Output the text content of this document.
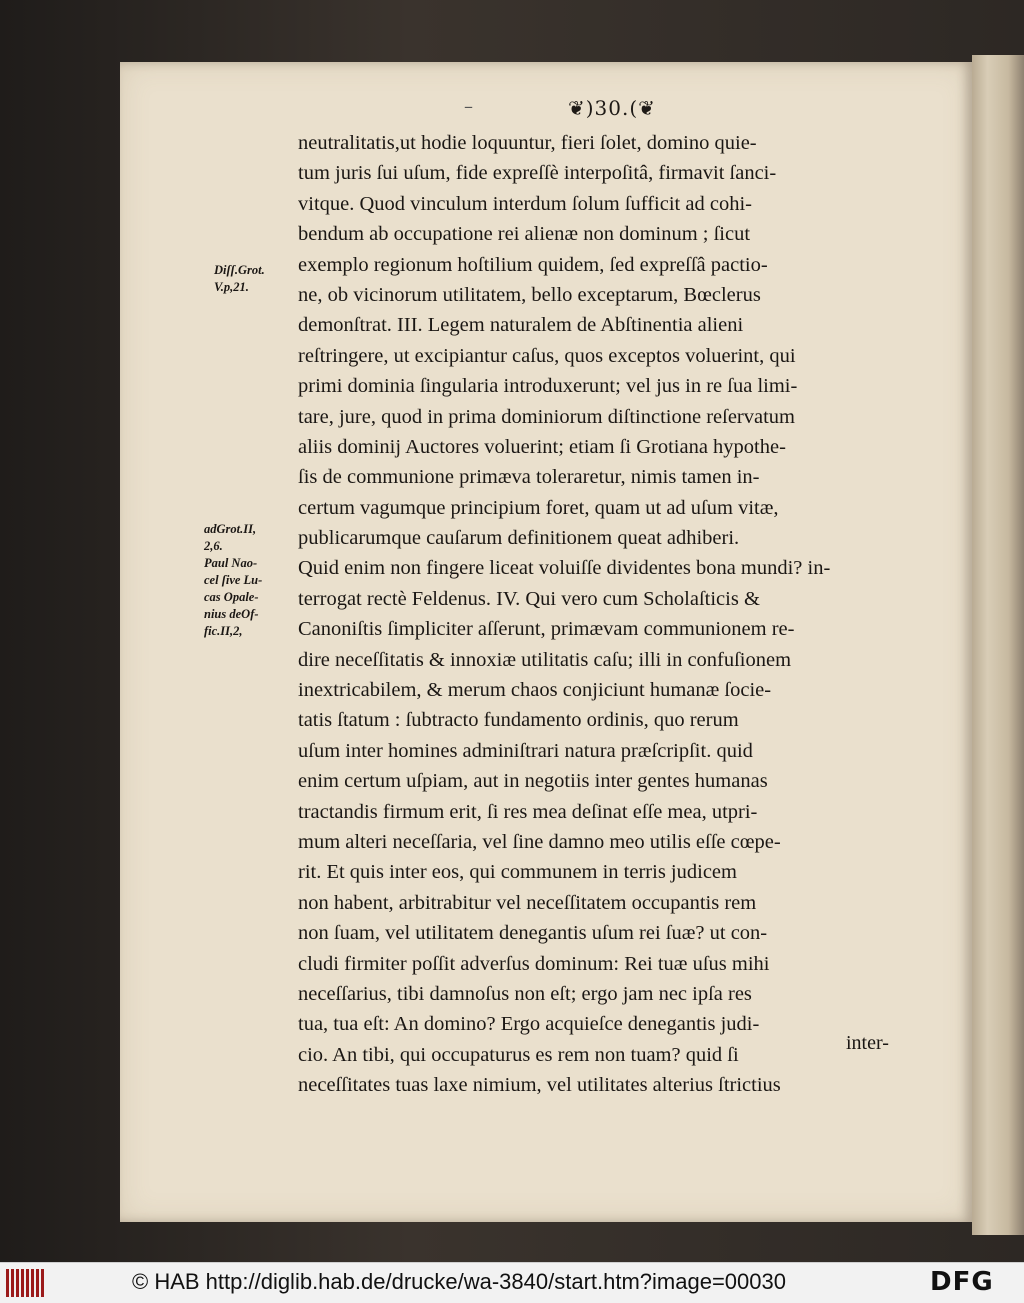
–	❦)30.(❦
Diſſ.Grot.
V.p,21.
adGrot.II,
2,6.
Paul Nao-
cel ſive Lu-
cas Opale-
nius deOf-
fic.II,2,
neutralitatis,ut hodie loquuntur, fieri ſolet, domino quie-
tum juris ſui uſum, fide expreſſè interpoſitâ, firmavit ſanci-
vitque. Quod vinculum interdum ſolum ſufficit ad cohi-
bendum ab occupatione rei alienæ non dominum ; ſicut
exemplo regionum hoſtilium quidem, ſed expreſſâ pactio-
ne, ob vicinorum utilitatem, bello exceptarum, Bœclerus
demonſtrat. III. Legem naturalem de Abſtinentia alieni
reſtringere, ut excipiantur caſus, quos exceptos voluerint, qui
primi dominia ſingularia introduxerunt; vel jus in re ſua limi-
tare, jure, quod in prima dominiorum diſtinctione reſervatum
aliis dominij Auctores voluerint; etiam ſi Grotiana hypothe-
ſis de communione primæva toleraretur, nimis tamen in-
certum vagumque principium foret, quam ut ad uſum vitæ,
publicarumque cauſarum definitionem queat adhiberi.
Quid enim non fingere liceat voluiſſe dividentes bona mundi? in-
terrogat rectè Feldenus. IV. Qui vero cum Scholaſticis &
Canoniſtis ſimpliciter aſſerunt, primævam communionem re-
dire neceſſitatis & innoxiæ utilitatis caſu; illi in confuſionem
inextricabilem, & merum chaos conjiciunt humanæ ſocie-
tatis ſtatum : ſubtracto fundamento ordinis, quo rerum
uſum inter homines adminiſtrari natura præſcripſit. quid
enim certum uſpiam, aut in negotiis inter gentes humanas
tractandis firmum erit, ſi res mea deſinat eſſe mea, utpri-
mum alteri neceſſaria, vel ſine damno meo utilis eſſe cœpe-
rit. Et quis inter eos, qui communem in terris judicem
non habent, arbitrabitur vel neceſſitatem occupantis rem
non ſuam, vel utilitatem denegantis uſum rei ſuæ? ut con-
cludi firmiter poſſit adverſus dominum: Rei tuæ uſus mihi
neceſſarius, tibi damnoſus non eſt; ergo jam nec ipſa res
tua, tua eſt: An domino? Ergo acquieſce denegantis judi-
cio. An tibi, qui occupaturus es rem non tuam? quid ſi
neceſſitates tuas laxe nimium, vel utilitates alterius ſtrictius
inter-
© HAB http://diglib.hab.de/drucke/wa-3840/start.htm?image=00030	DFG
